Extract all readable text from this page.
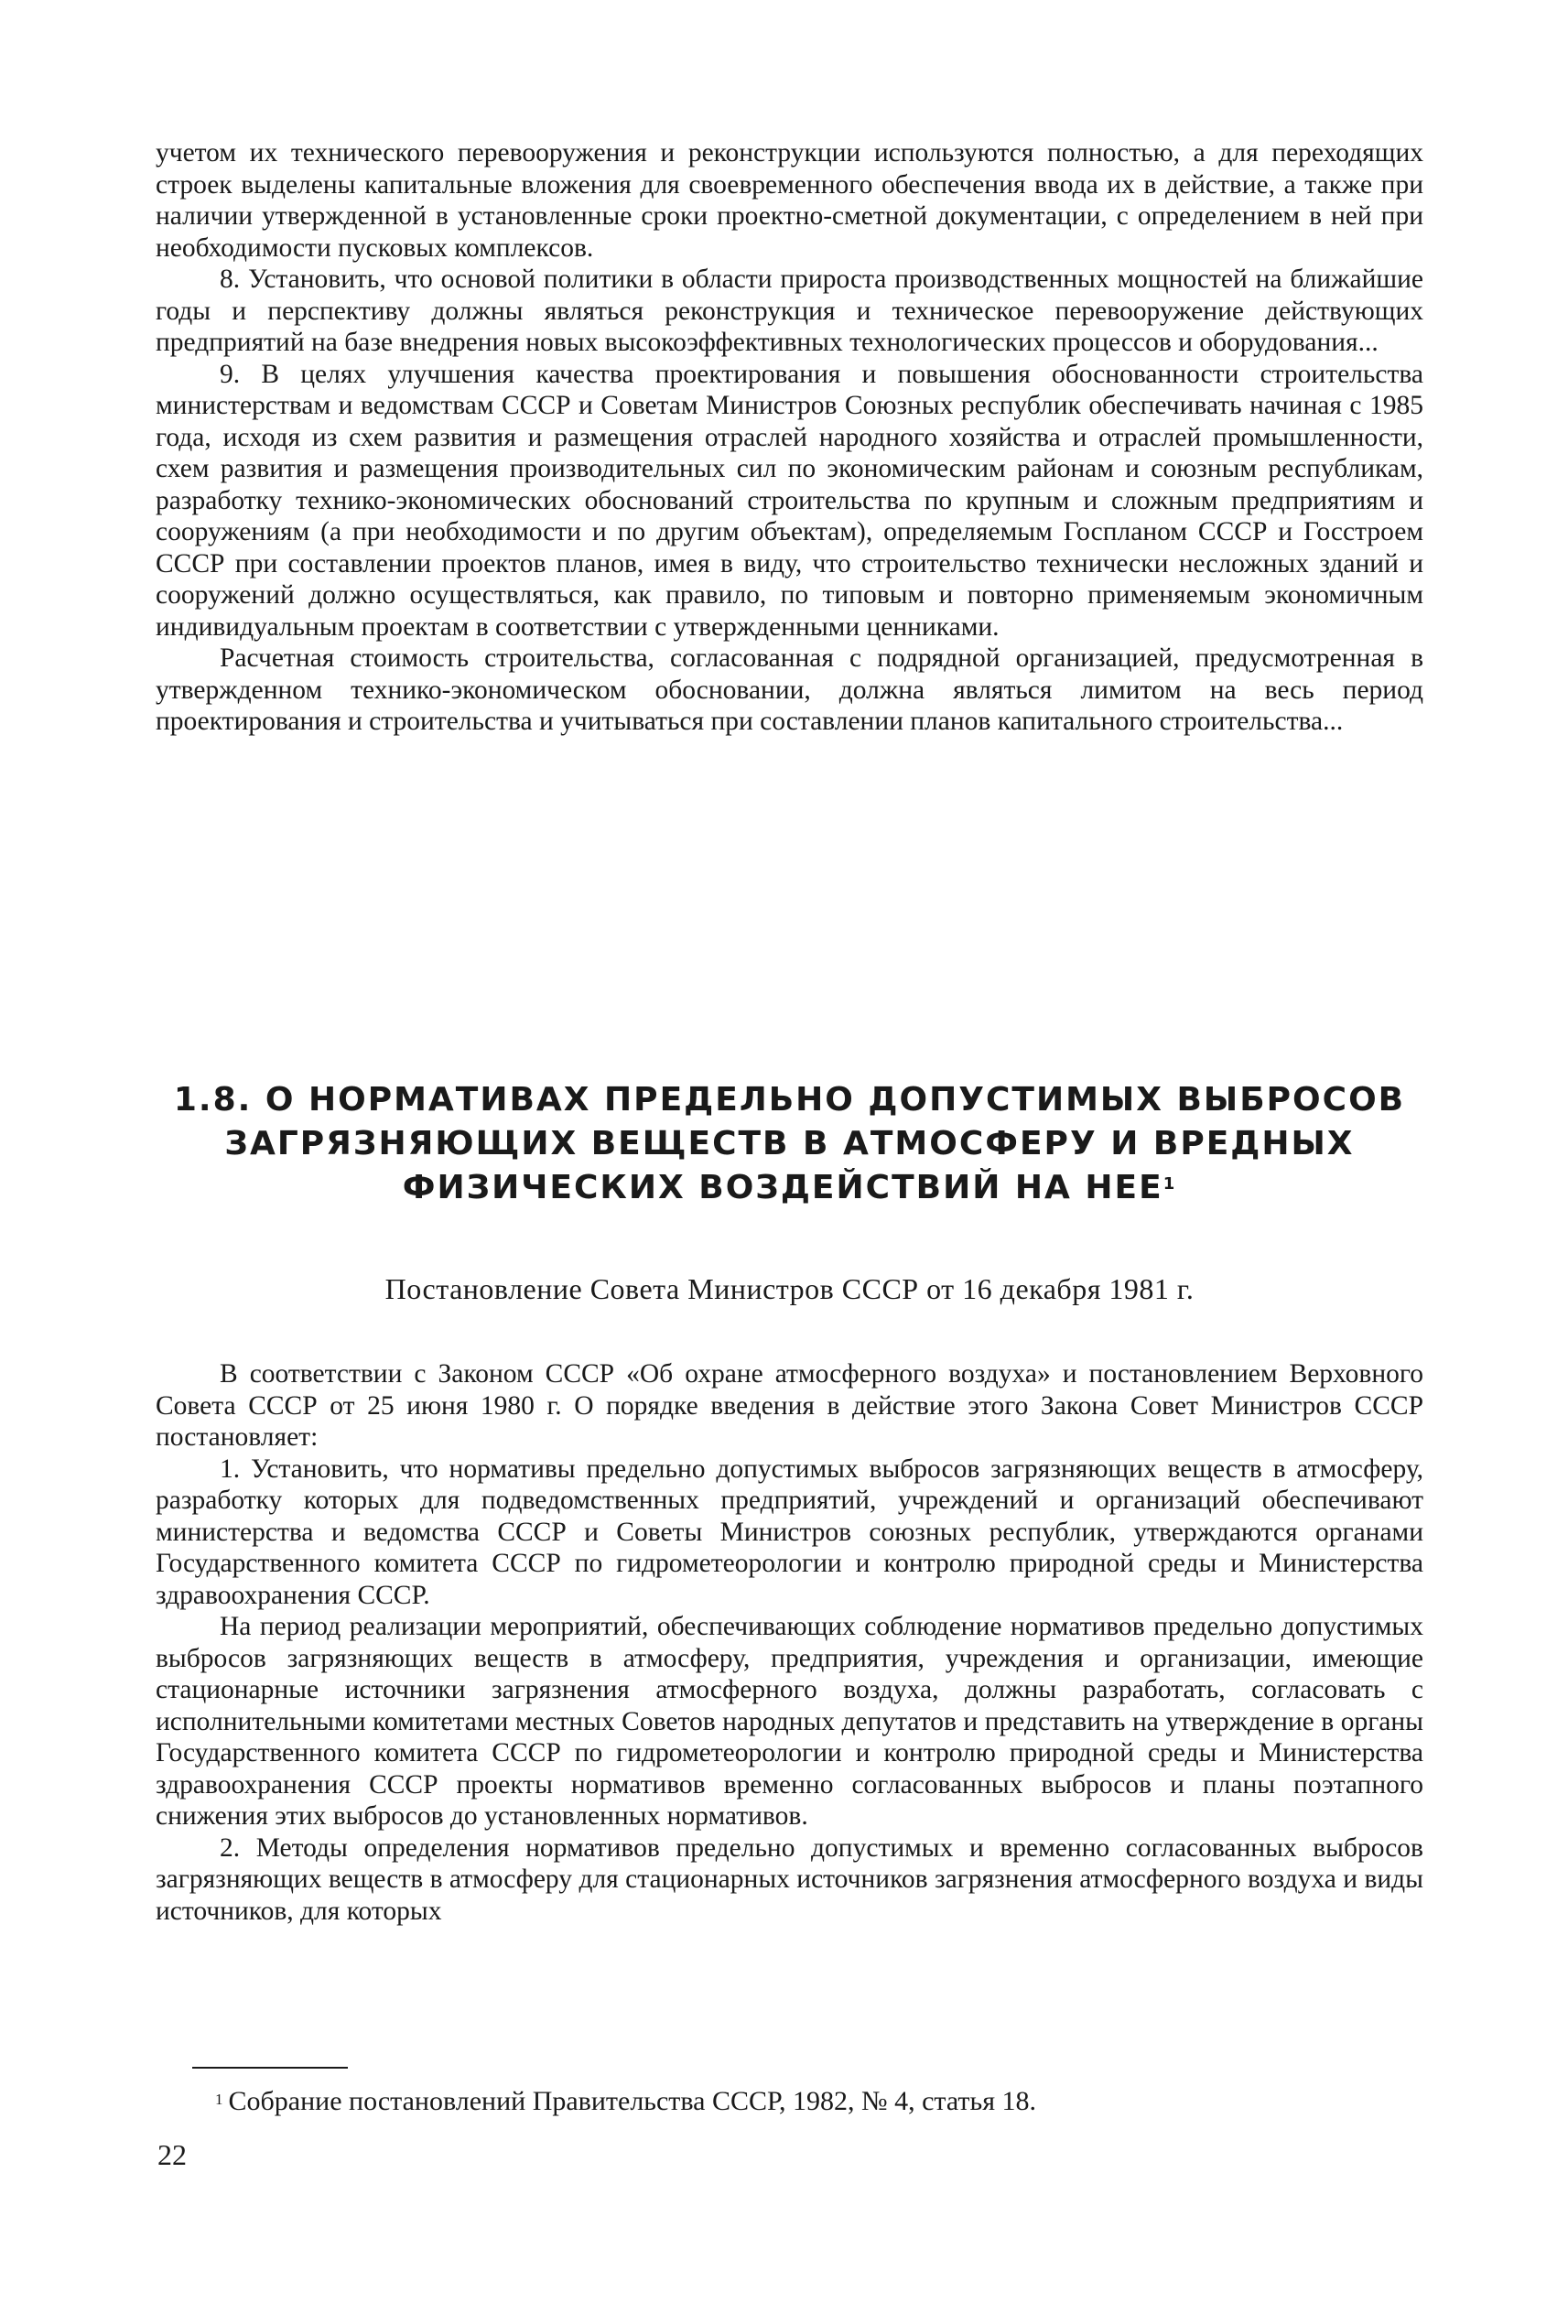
учетом их технического перевооружения и реконструкции используются полностью, а для переходящих строек выделены капитальные вложения для своевременного обеспечения ввода их в действие, а также при наличии утвержденной в установленные сроки проектно-сметной документации, с определением в ней при необходимости пусковых комплексов.

8. Установить, что основой политики в области прироста производственных мощностей на ближайшие годы и перспективу должны являться реконструкция и техническое перевооружение действующих предприятий на базе внедрения новых высокоэффективных технологических процессов и оборудования...

9. В целях улучшения качества проектирования и повышения обоснованности строительства министерствам и ведомствам СССР и Советам Министров Союзных республик обеспечивать начиная с 1985 года, исходя из схем развития и размещения отраслей народного хозяйства и отраслей промышленности, схем развития и размещения производительных сил по экономическим районам и союзным республикам, разработку технико-экономических обоснований строительства по крупным и сложным предприятиям и сооружениям (а при необходимости и по другим объектам), определяемым Госпланом СССР и Госстроем СССР при составлении проектов планов, имея в виду, что строительство технически несложных зданий и сооружений должно осуществляться, как правило, по типовым и повторно применяемым экономичным индивидуальным проектам в соответствии с утвержденными ценниками.

Расчетная стоимость строительства, согласованная с подрядной организацией, предусмотренная в утвержденном технико-экономическом обосновании, должна являться лимитом на весь период проектирования и строительства и учитываться при составлении планов капитального строительства...

1.8. О НОРМАТИВАХ ПРЕДЕЛЬНО ДОПУСТИМЫХ ВЫБРОСОВ
ЗАГРЯЗНЯЮЩИХ ВЕЩЕСТВ В АТМОСФЕРУ И ВРЕДНЫХ
ФИЗИЧЕСКИХ ВОЗДЕЙСТВИЙ НА НЕЕ$^1$

Постановление Совета Министров СССР от 16 декабря 1981 г.

В соответствии с Законом СССР «Об охране атмосферного воздуха» и постановлением Верховного Совета СССР от 25 июня 1980 г. О порядке введения в действие этого Закона Совет Министров СССР постановляет:

1. Установить, что нормативы предельно допустимых выбросов загрязняющих веществ в атмосферу, разработку которых для подведомственных предприятий, учреждений и организаций обеспечивают министерства и ведомства СССР и Советы Министров союзных республик, утверждаются органами Государственного комитета СССР по гидрометеорологии и контролю природной среды и Министерства здравоохранения СССР.

На период реализации мероприятий, обеспечивающих соблюдение нормативов предельно допустимых выбросов загрязняющих веществ в атмосферу, предприятия, учреждения и организации, имеющие стационарные источники загрязнения атмосферного воздуха, должны разработать, согласовать с исполнительными комитетами местных Советов народных депутатов и представить на утверждение в органы Государственного комитета СССР по гидрометеорологии и контролю природной среды и Министерства здравоохранения СССР проекты нормативов временно согласованных выбросов и планы поэтапного снижения этих выбросов до установленных нормативов.

2. Методы определения нормативов предельно допустимых и временно согласованных выбросов загрязняющих веществ в атмосферу для стационарных источников загрязнения атмосферного воздуха и виды источников, для которых

$^1$ Собрание постановлений Правительства СССР, 1982, № 4, статья 18.

22
